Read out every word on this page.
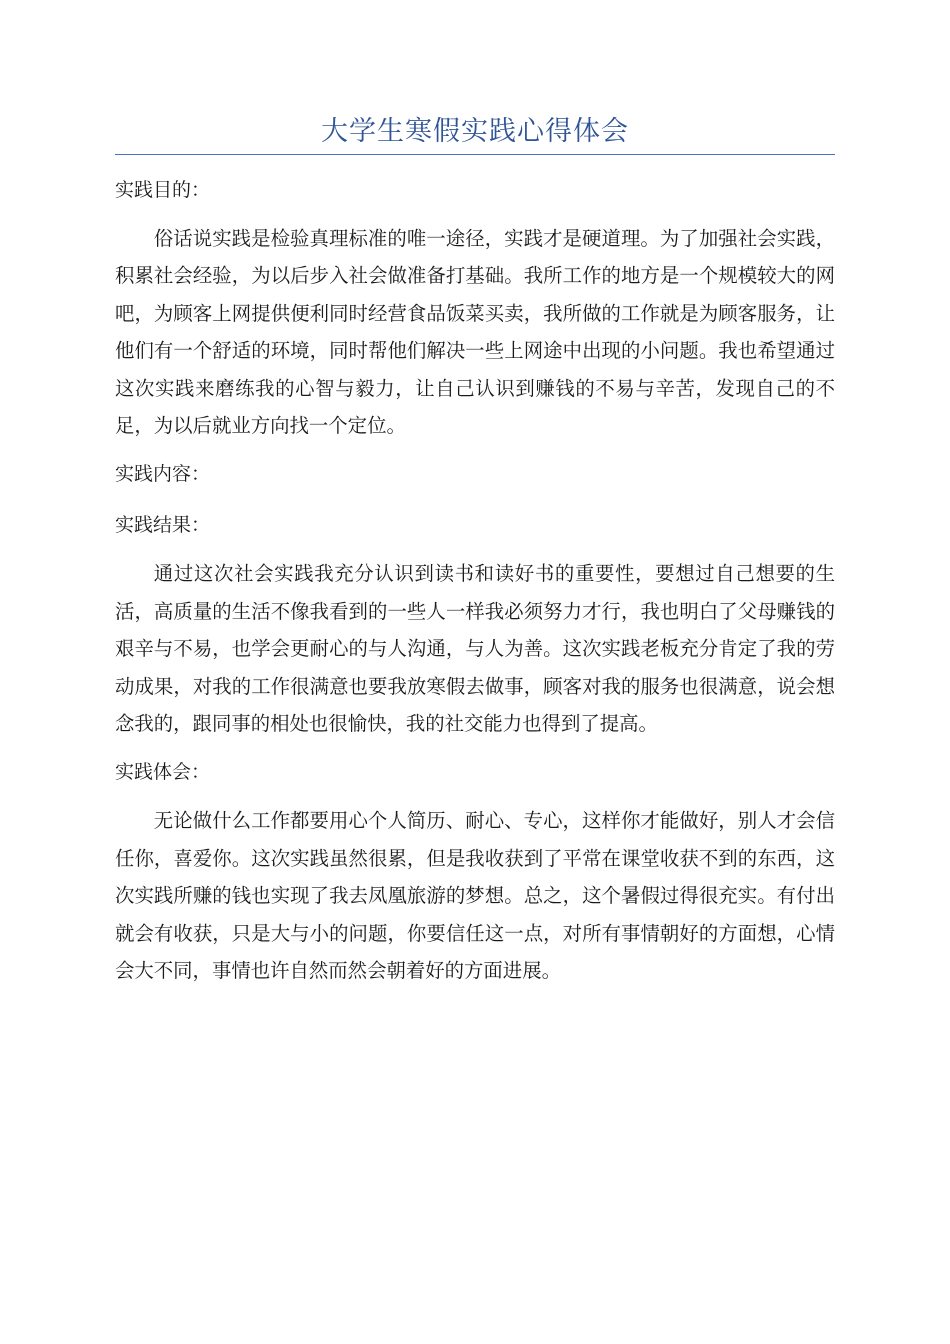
大学生寒假实践心得体会

实践目的：

俗话说实践是检验真理标准的唯一途径，实践才是硬道理。为了加强社会实践，积累社会经验，为以后步入社会做准备打基础。我所工作的地方是一个规模较大的网吧，为顾客上网提供便利同时经营食品饭菜买卖，我所做的工作就是为顾客服务，让他们有一个舒适的环境，同时帮他们解决一些上网途中出现的小问题。我也希望通过这次实践来磨练我的心智与毅力，让自己认识到赚钱的不易与辛苦，发现自己的不足，为以后就业方向找一个定位。

实践内容：

实践结果：

通过这次社会实践我充分认识到读书和读好书的重要性，要想过自己想要的生活，高质量的生活不像我看到的一些人一样我必须努力才行，我也明白了父母赚钱的艰辛与不易，也学会更耐心的与人沟通，与人为善。这次实践老板充分肯定了我的劳动成果，对我的工作很满意也要我放寒假去做事，顾客对我的服务也很满意，说会想念我的，跟同事的相处也很愉快，我的社交能力也得到了提高。

实践体会：

无论做什么工作都要用心个人简历、耐心、专心，这样你才能做好，别人才会信任你，喜爱你。这次实践虽然很累，但是我收获到了平常在课堂收获不到的东西，这次实践所赚的钱也实现了我去凤凰旅游的梦想。总之，这个暑假过得很充实。有付出就会有收获，只是大与小的问题，你要信任这一点，对所有事情朝好的方面想，心情会大不同，事情也许自然而然会朝着好的方面进展。
